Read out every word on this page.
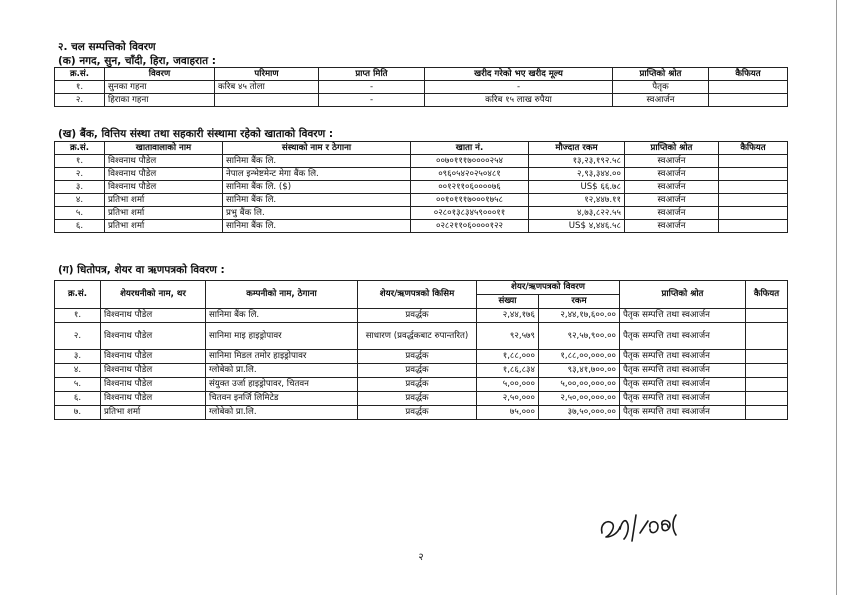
२. चल सम्पत्तिको विवरण
(क) नगद, सुन, चाँदी, हिरा, जवाहरात :
क्र.सं.	विवरण	परिमाण	प्राप्त मिति	खरीद गरेको भए खरीद मूल्य	प्राप्तिको श्रोत	कैफियत
१.	सुनका गहना	करिब ४५ तोला	-	-	पैतृक	
२.	हिराका गहना		-	करिब १५ लाख रुपैया	स्वआर्जन	
(ख) बैंक, वित्तिय संस्था तथा सहकारी संस्थामा रहेको खाताको विवरण :
क्र.सं.	खातावालाको नाम	संस्थाको नाम र ठेगाना	खाता नं.	मौज्दात रकम	प्राप्तिको श्रोत	कैफियत
१.	विश्वनाथ पौडेल	सानिमा बैंक लि.	००७०१११७००००२५४	१३,२३,१९२.५८	स्वआर्जन	
२.	विश्वनाथ पौडेल	नेपाल इन्भेष्टमेन्ट मेगा बैंक लि.	०९६०५४२०२५०४८१	२,९३,३४४.००	स्वआर्जन	
३.	विश्वनाथ पौडेल	सानिमा बैंक लि. ($)	००१२११०६००००७६	US$ ६६.७८	स्वआर्जन	
४.	प्रतिभा शर्मा	सानिमा बैंक लि.	००१०१११७०००१७५८	१२,४४७.११	स्वआर्जन	
५.	प्रतिभा शर्मा	प्रभु बैंक लि.	०२८०१३८३४५९०००११	४,७३,८२२.५५	स्वआर्जन	
६.	प्रतिभा शर्मा	सानिमा बैंक लि.	०२८२११०६००००१२२	US$ ४,४४६.५८	स्वआर्जन	
(ग) धितोपत्र, शेयर वा ऋणपत्रको विवरण :
क्र.सं.	शेयरधनीको नाम, थर	कम्पनीको नाम, ठेगाना	शेयर/ऋणपत्रको किसिम	शेयर/ऋणपत्रको विवरण		प्राप्तिको श्रोत	कैफियत
				संख्या	रकम		
१.	विश्वनाथ पौडेल	सानिमा बैंक लि.	प्रवर्द्धक	२,४४,१७६	२,४४,१७,६००.००	पैतृक सम्पत्ति तथा स्वआर्जन	
२.	विश्वनाथ पौडेल	सानिमा माइ हाइड्रोपावर	साधारण (प्रवर्द्धकबाट रुपान्तरित)	९२,५७९	९२,५७,९००.००	पैतृक सम्पत्ति तथा स्वआर्जन	
३.	विश्वनाथ पौडेल	सानिमा मिडल तमोर हाइड्रोपावर	प्रवर्द्धक	१,८८,०००	१,८८,००,०००.००	पैतृक सम्पत्ति तथा स्वआर्जन	
४.	विश्वनाथ पौडेल	ग्लोबेको प्रा.लि.	प्रवर्द्धक	१,८६,८३४	९३,४१,७००.००	पैतृक सम्पत्ति तथा स्वआर्जन	
५.	विश्वनाथ पौडेल	संयुक्त उर्जा हाइड्रोपावर, चितवन	प्रवर्द्धक	५,००,०००	५,००,००,०००.००	पैतृक सम्पत्ति तथा स्वआर्जन	
६.	विश्वनाथ पौडेल	चितवन इनर्जि लिमिटेड	प्रवर्द्धक	२,५०,०००	२,५०,००,०००.००	पैतृक सम्पत्ति तथा स्वआर्जन	
७.	प्रतिभा शर्मा	ग्लोबेको प्रा.लि.	प्रवर्द्धक	७५,०००	३७,५०,०००.००	पैतृक सम्पत्ति तथा स्वआर्जन	
२
